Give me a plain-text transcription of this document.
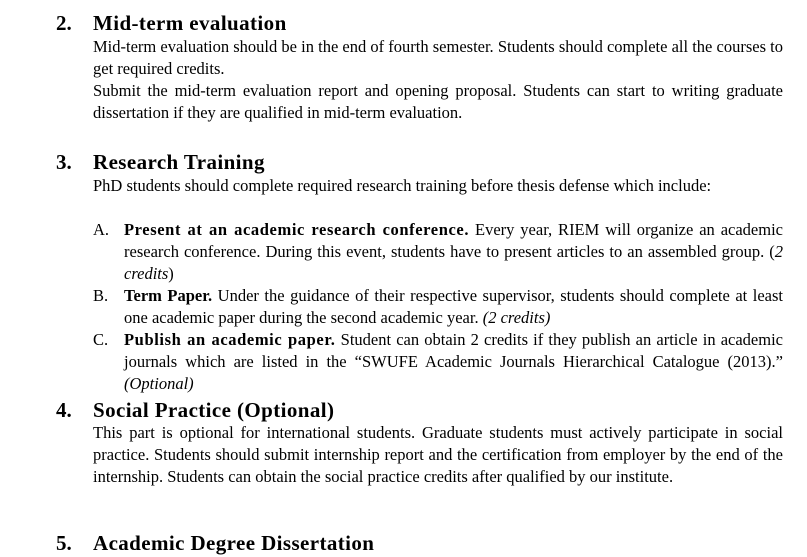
2. Mid-term evaluation

Mid-term evaluation should be in the end of fourth semester. Students should complete all the courses to get required credits.

Submit the mid-term evaluation report and opening proposal. Students can start to writing graduate dissertation if they are qualified in mid-term evaluation.

3. Research Training

PhD students should complete required research training before thesis defense which include:

A. Present at an academic research conference. Every year, RIEM will organize an academic research conference. During this event, students have to present articles to an assembled group. (2 credits)
B. Term Paper. Under the guidance of their respective supervisor, students should complete at least one academic paper during the second academic year. (2 credits)
C. Publish an academic paper. Student can obtain 2 credits if they publish an article in academic journals which are listed in the “SWUFE Academic Journals Hierarchical Catalogue (2013).” (Optional)
4. Social Practice (Optional)

This part is optional for international students. Graduate students must actively participate in social practice. Students should submit internship report and the certification from employer by the end of the internship. Students can obtain the social practice credits after qualified by our institute.

5. Academic Degree Dissertation
